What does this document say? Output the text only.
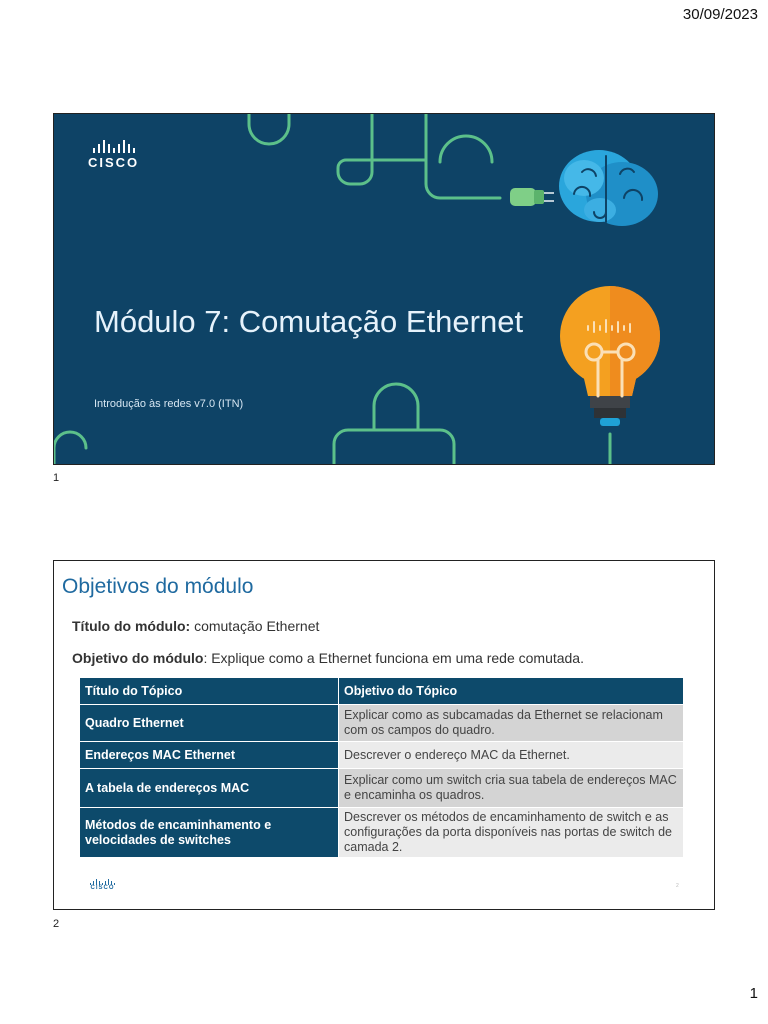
30/09/2023
CISCO
Módulo 7: Comutação Ethernet
Introdução às redes v7.0 (ITN)
1
Objetivos do módulo
Título do módulo: comutação Ethernet
Objetivo do módulo: Explique como a Ethernet funciona em uma rede comutada.
Título do Tópico	Objetivo do Tópico
Quadro Ethernet	Explicar como as subcamadas da Ethernet se relacionam com os campos do quadro.
Endereços MAC Ethernet	Descrever o endereço MAC da Ethernet.
A tabela de endereços MAC	Explicar como um switch cria sua tabela de endereços MAC e encaminha os quadros.
Métodos de encaminhamento e velocidades de switches	Descrever os métodos de encaminhamento de switch e as configurações da porta disponíveis nas portas de switch de camada 2.
CISCO	2
2
1
